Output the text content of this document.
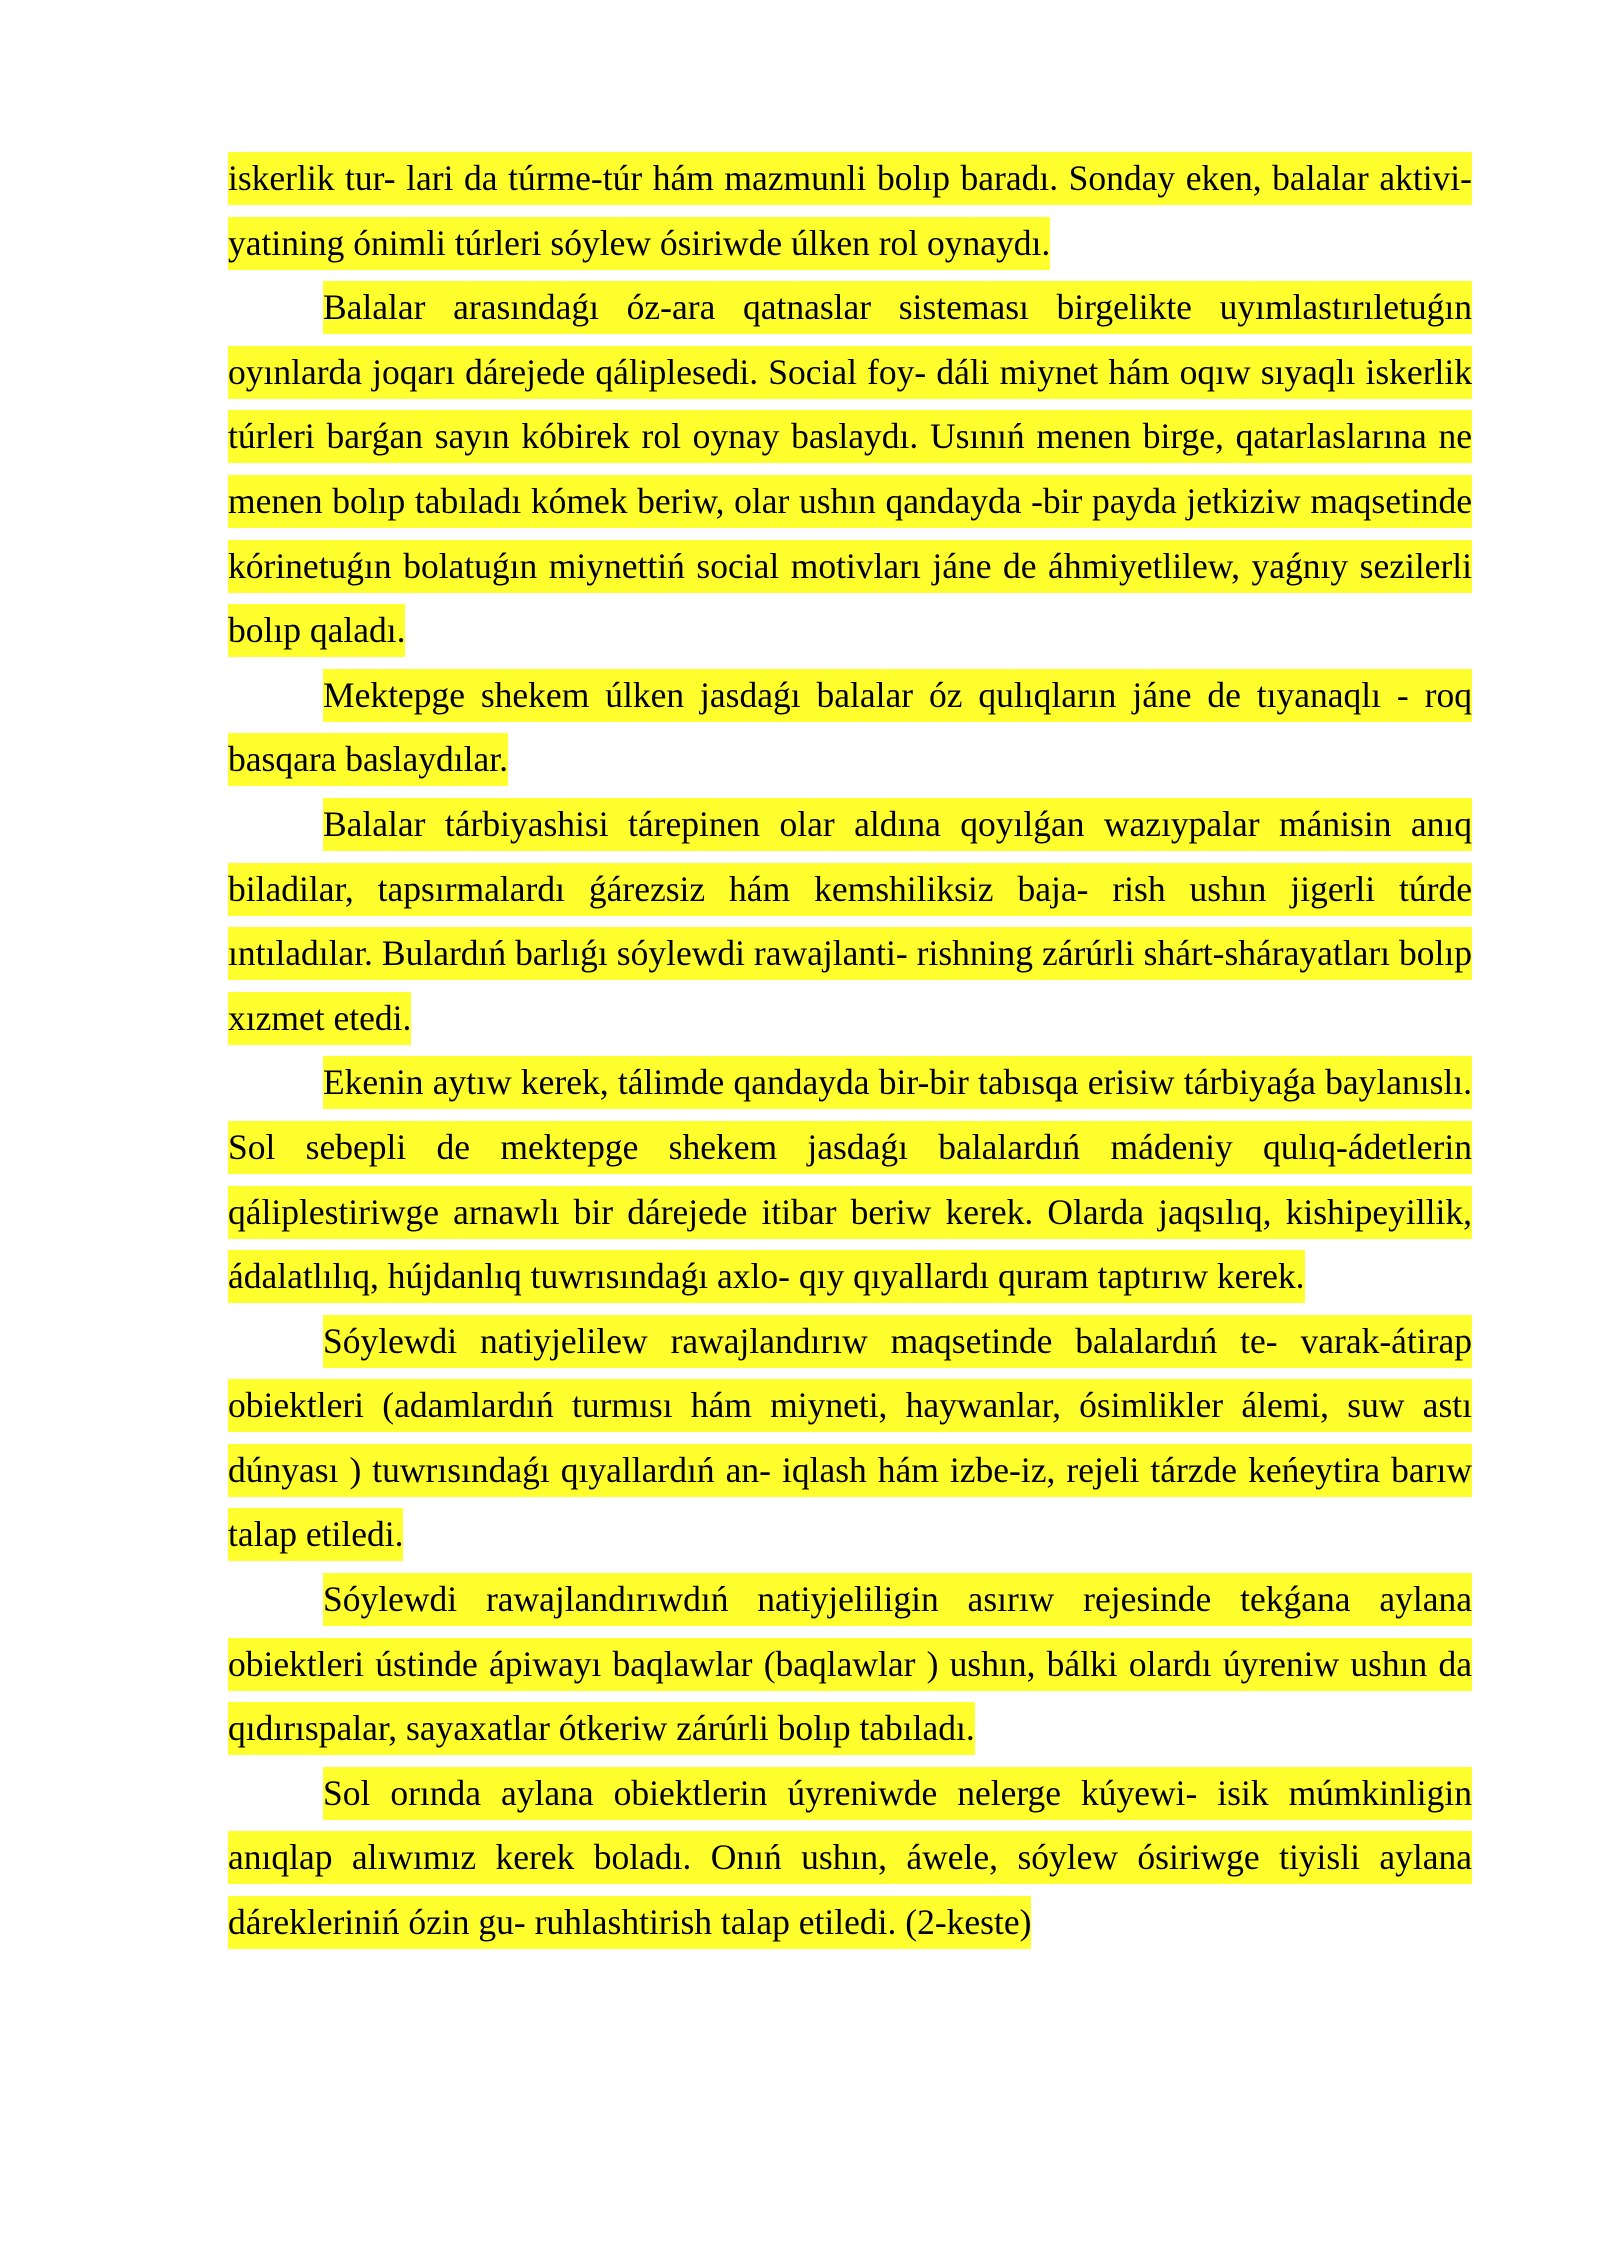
iskerlik tur- lari da túrme-túr hám mazmunli bolıp baradı. Sonday eken, balalar aktivi- yatining ónimli túrleri sóylew ósiriwde úlken rol oynaydı.

Balalar arasındaǵı óz-ara qatnaslar sisteması birgelikte uyımlastırıletuǵın oyınlarda joqarı dárejede qáliplesedi. Social foy- dáli miynet hám oqıw sıyaqlı iskerlik túrleri barǵan sayın kóbirek rol oynay baslaydı. Usınıń menen birge, qatarlaslarına ne menen bolıp tabıladı kómek beriw, olar ushın qandayda -bir payda jetkiziw maqsetinde kórinetuǵın bolatuǵın miynettiń social motivları jáne de áhmiyetlilew, yaǵnıy sezilerli bolıp qaladı.

Mektepge shekem úlken jasdaǵı balalar óz qulıqların jáne de tıyanaqlı - roq basqara baslaydılar.

Balalar tárbiyashisi tárepinen olar aldına qoyılǵan wazıypalar mánisin anıq biladilar, tapsırmalardı ǵárezsiz hám kemshiliksiz baja- rish ushın jigerli túrde ıntıladılar. Bulardıń barlıǵı sóylewdi rawajlanti- rishning zárúrli shárt-shárayatları bolıp xızmet etedi.

Ekenin aytıw kerek, tálimde qandayda bir-bir tabısqa erisiw tárbiyaǵa baylanıslı. Sol sebepli de mektepge shekem jasdaǵı balalardıń mádeniy qulıq-ádetlerin qáliplestiriwge arnawlı bir dárejede itibar beriw kerek. Olarda jaqsılıq, kishipeyillik, ádalatlılıq, hújdanlıq tuwrısındaǵı axlo- qıy qıyallardı quram taptırıw kerek.

Sóylewdi natiyjelilew rawajlandırıw maqsetinde balalardıń te- varak-átirap obiektleri (adamlardıń turmısı hám miyneti, haywanlar, ósimlikler álemi, suw astı dúnyası ) tuwrısındaǵı qıyallardıń an- iqlash hám izbe-iz, rejeli tárzde keńeytira barıw talap etiledi.

Sóylewdi rawajlandırıwdıń natiyjeliligin asırıw rejesinde tekǵana aylana obiektleri ústinde ápiwayı baqlawlar (baqlawlar ) ushın, bálki olardı úyreniw ushın da qıdırıspalar, sayaxatlar ótkeriw zárúrli bolıp tabıladı.

Sol orında aylana obiektlerin úyreniwde nelerge kúyewi- isik múmkinligin anıqlap alıwımız kerek boladı. Onıń ushın, áwele, sóylew ósiriwge tiyisli aylana dárekleriniń ózin gu- ruhlashtirish talap etiledi. (2-keste)
